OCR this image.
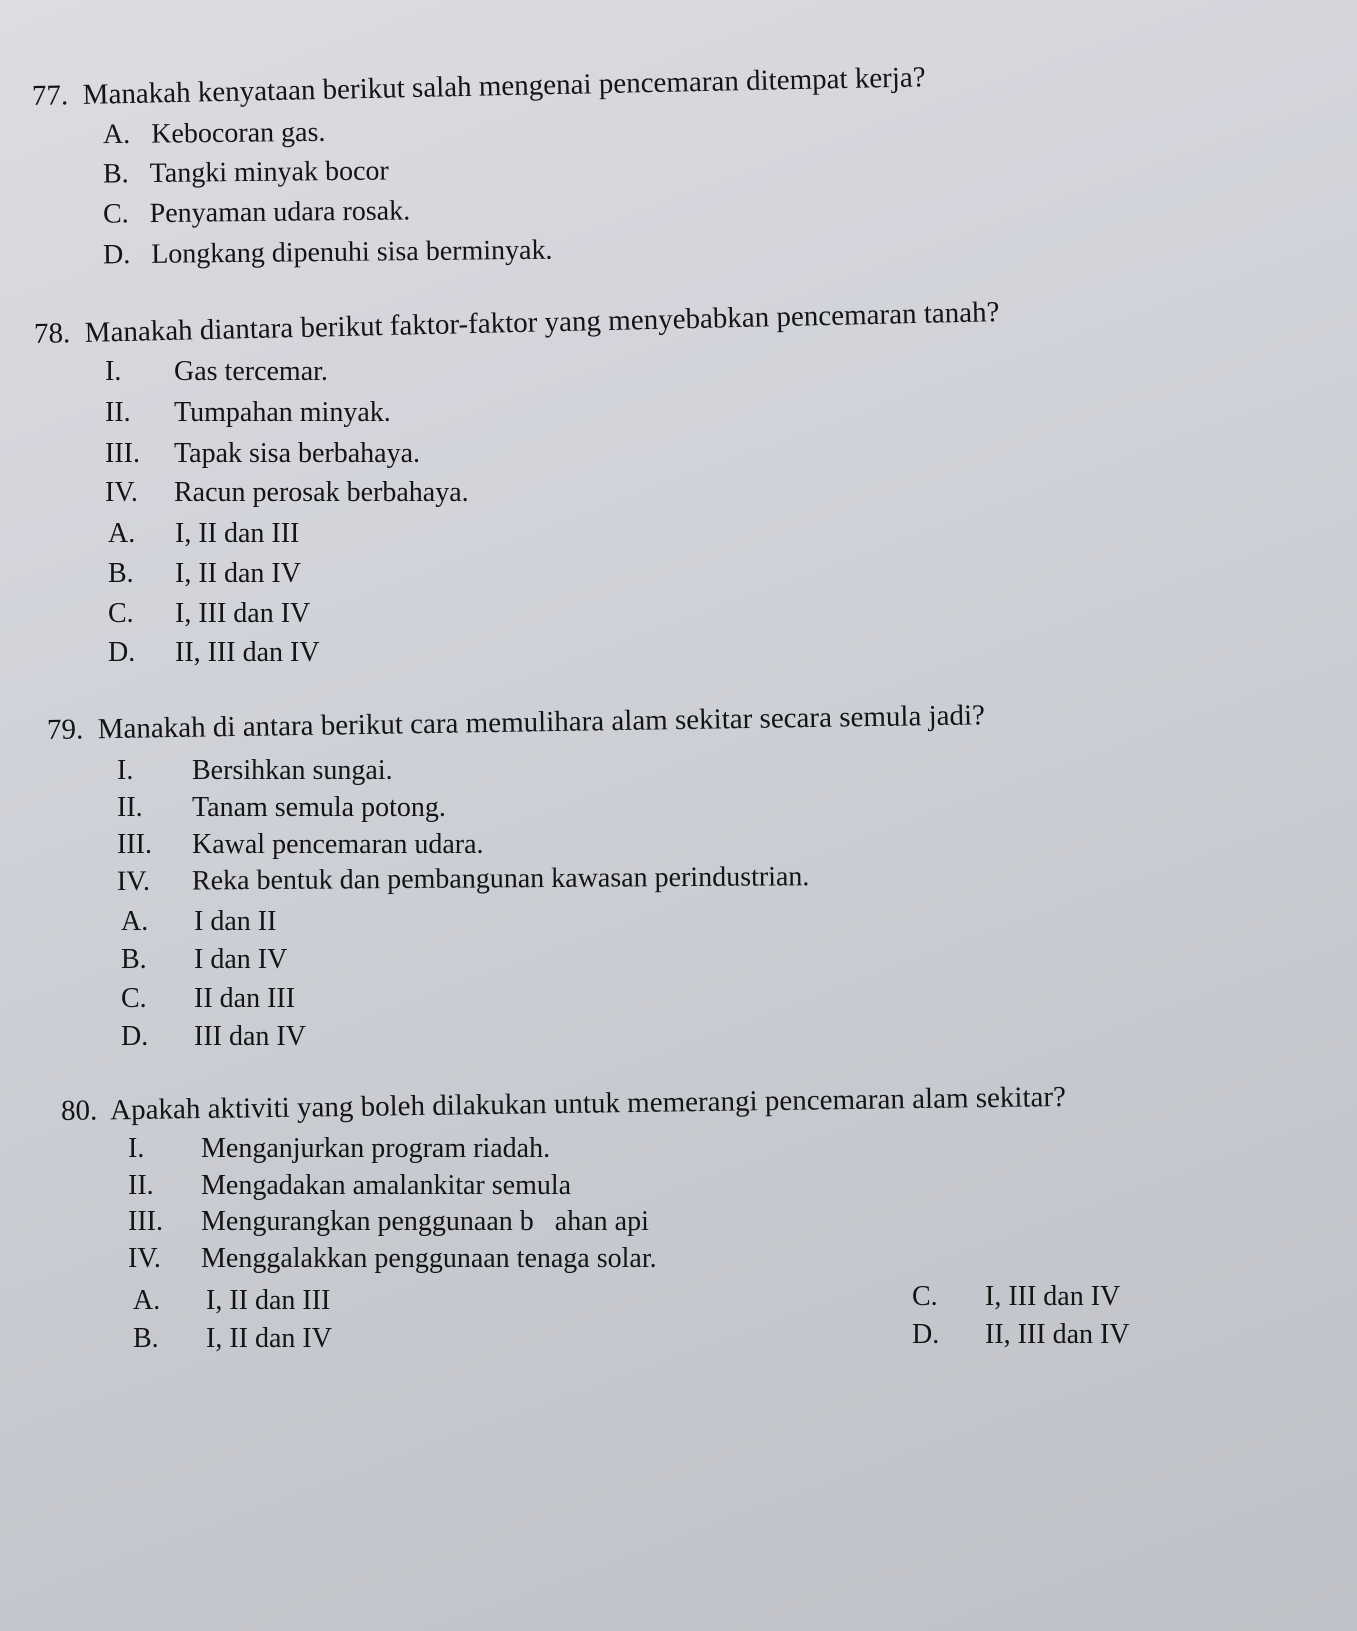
77. Manakah kenyataan berikut salah mengenai pencemaran ditempat kerja?
A. Kebocoran gas.
B. Tangki minyak bocor
C. Penyaman udara rosak.
D. Longkang dipenuhi sisa berminyak.
78. Manakah diantara berikut faktor-faktor yang menyebabkan pencemaran tanah?
I. Gas tercemar.
II. Tumpahan minyak.
III. Tapak sisa berbahaya.
IV. Racun perosak berbahaya.
A. I, II dan III
B. I, II dan IV
C. I, III dan IV
D. II, III dan IV
79. Manakah di antara berikut cara memulihara alam sekitar secara semula jadi?
I. Bersihkan sungai.
II. Tanam semula potong.
III. Kawal pencemaran udara.
IV. Reka bentuk dan pembangunan kawasan perindustrian.
A. I dan II
B. I dan IV
C. II dan III
D. III dan IV
80. Apakah aktiviti yang boleh dilakukan untuk memerangi pencemaran alam sekitar?
I. Menganjurkan program riadah.
II. Mengadakan amalankitar semula
III. Mengurangkan penggunaan b   ahan api
IV. Menggalakkan penggunaan tenaga solar.
A. I, II dan III
B. I, II dan IV
C. I, III dan IV
D. II, III dan IV
